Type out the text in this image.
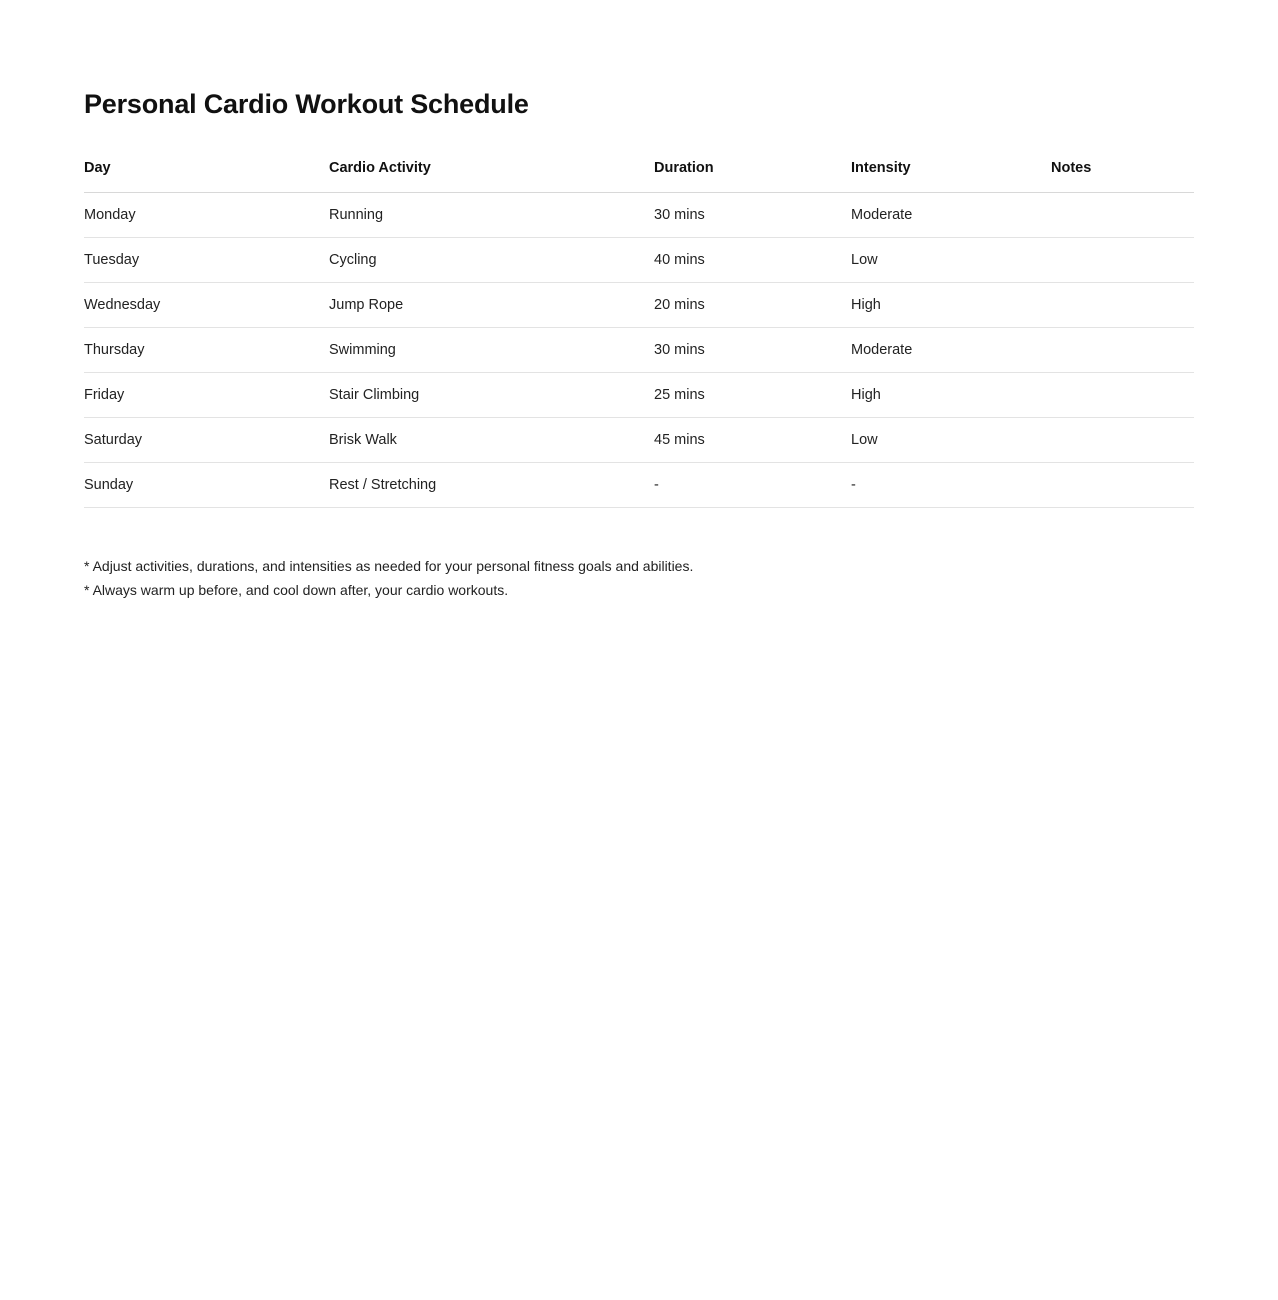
Personal Cardio Workout Schedule
Day	Cardio Activity	Duration	Intensity	Notes
Monday	Running	30 mins	Moderate	
Tuesday	Cycling	40 mins	Low	
Wednesday	Jump Rope	20 mins	High	
Thursday	Swimming	30 mins	Moderate	
Friday	Stair Climbing	25 mins	High	
Saturday	Brisk Walk	45 mins	Low	
Sunday	Rest / Stretching	-	-	
* Adjust activities, durations, and intensities as needed for your personal fitness goals and abilities.
* Always warm up before, and cool down after, your cardio workouts.
